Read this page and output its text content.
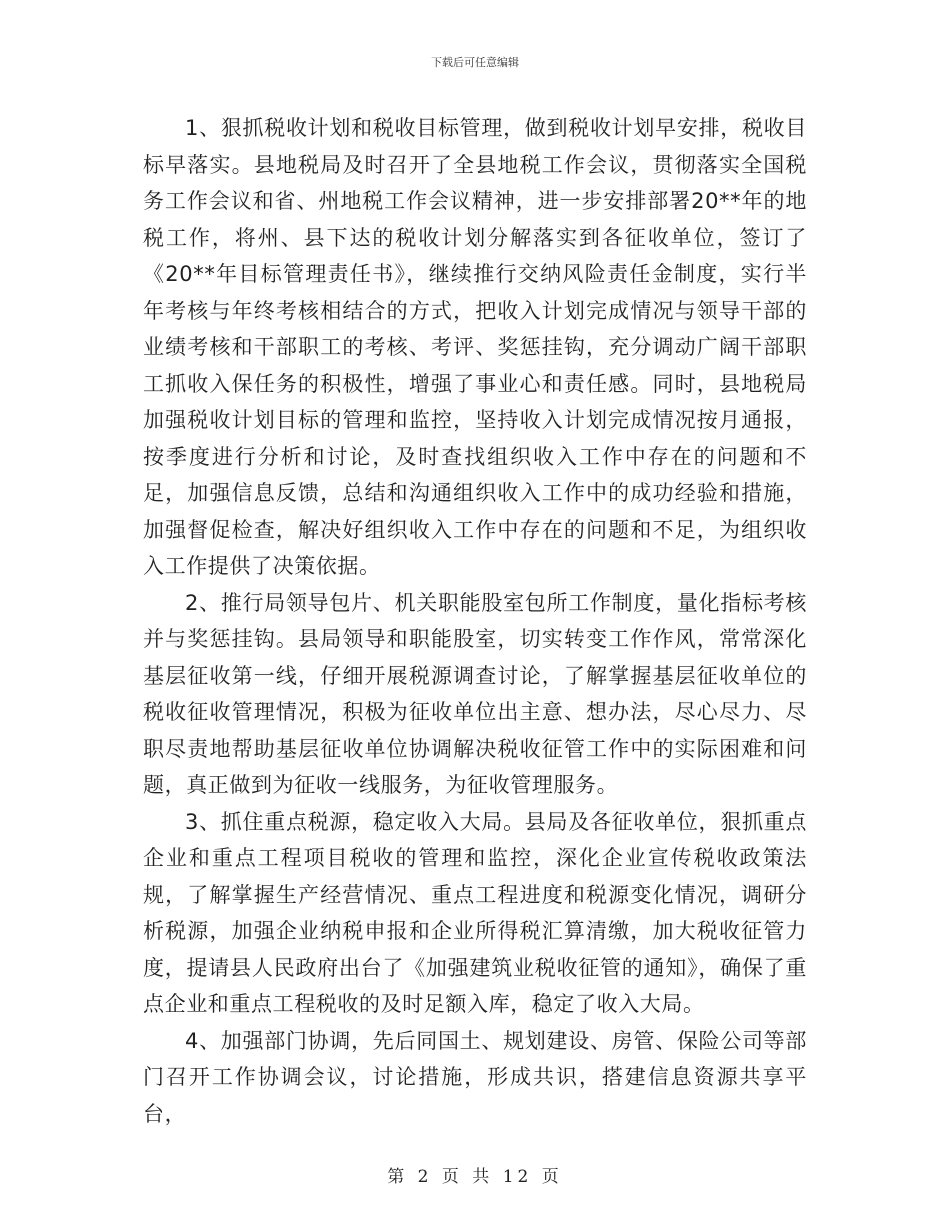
下载后可任意编辑

1、狠抓税收计划和税收目标管理，做到税收计划早安排，税收目标早落实。县地税局及时召开了全县地税工作会议，贯彻落实全国税务工作会议和省、州地税工作会议精神，进一步安排部署20**年的地税工作，将州、县下达的税收计划分解落实到各征收单位，签订了《20**年目标管理责任书》，继续推行交纳风险责任金制度，实行半年考核与年终考核相结合的方式，把收入计划完成情况与领导干部的业绩考核和干部职工的考核、考评、奖惩挂钩，充分调动广阔干部职工抓收入保任务的积极性，增强了事业心和责任感。同时，县地税局加强税收计划目标的管理和监控，坚持收入计划完成情况按月通报，按季度进行分析和讨论，及时查找组织收入工作中存在的问题和不足，加强信息反馈，总结和沟通组织收入工作中的成功经验和措施，加强督促检查，解决好组织收入工作中存在的问题和不足，为组织收入工作提供了决策依据。

2、推行局领导包片、机关职能股室包所工作制度，量化指标考核并与奖惩挂钩。县局领导和职能股室，切实转变工作作风，常常深化基层征收第一线，仔细开展税源调查讨论，了解掌握基层征收单位的税收征收管理情况，积极为征收单位出主意、想办法，尽心尽力、尽职尽责地帮助基层征收单位协调解决税收征管工作中的实际困难和问题，真正做到为征收一线服务，为征收管理服务。

3、抓住重点税源，稳定收入大局。县局及各征收单位，狠抓重点企业和重点工程项目税收的管理和监控，深化企业宣传税收政策法规，了解掌握生产经营情况、重点工程进度和税源变化情况，调研分析税源，加强企业纳税申报和企业所得税汇算清缴，加大税收征管力度，提请县人民政府出台了《加强建筑业税收征管的通知》，确保了重点企业和重点工程税收的及时足额入库，稳定了收入大局。

4、加强部门协调，先后同国土、规划建设、房管、保险公司等部门召开工作协调会议，讨论措施，形成共识，搭建信息资源共享平台，

第 2 页 共 12 页
